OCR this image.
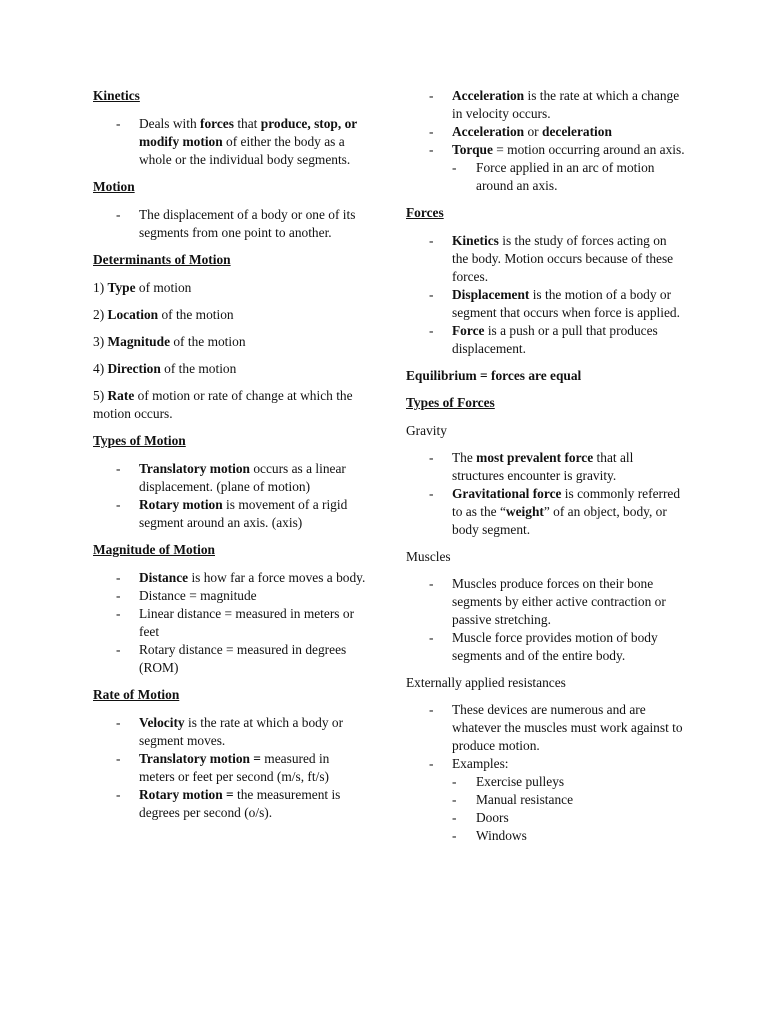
Kinetics
- Deals with forces that produce, stop, or modify motion of either the body as a whole or the individual body segments.
Motion
- The displacement of a body or one of its segments from one point to another.
Determinants of Motion

1) Type of motion

2) Location of the motion

3) Magnitude of the motion

4) Direction of the motion

5) Rate of motion or rate of change at which the motion occurs.

Types of Motion
- Translatory motion occurs as a linear displacement. (plane of motion)
- Rotary motion is movement of a rigid segment around an axis. (axis)
Magnitude of Motion
- Distance is how far a force moves a body.
- Distance = magnitude
- Linear distance = measured in meters or feet
- Rotary distance = measured in degrees (ROM)
Rate of Motion
- Velocity is the rate at which a body or segment moves.
- Translatory motion = measured in meters or feet per second (m/s, ft/s)
- Rotary motion = the measurement is degrees per second (o/s).
- Acceleration is the rate at which a change in velocity occurs.
- Acceleration or deceleration
- Torque = motion occurring around an axis.
- Force applied in an arc of motion around an axis.
Forces
- Kinetics is the study of forces acting on the body. Motion occurs because of these forces.
- Displacement is the motion of a body or segment that occurs when force is applied.
- Force is a push or a pull that produces displacement.
Equilibrium = forces are equal
Types of Forces
Gravity
- The most prevalent force that all structures encounter is gravity.
- Gravitational force is commonly referred to as the “weight” of an object, body, or body segment.
Muscles
- Muscles produce forces on their bone segments by either active contraction or passive stretching.
- Muscle force provides motion of body segments and of the entire body.
Externally applied resistances
- These devices are numerous and are whatever the muscles must work against to produce motion.
- Examples:
- Exercise pulleys
- Manual resistance
- Doors
- Windows
